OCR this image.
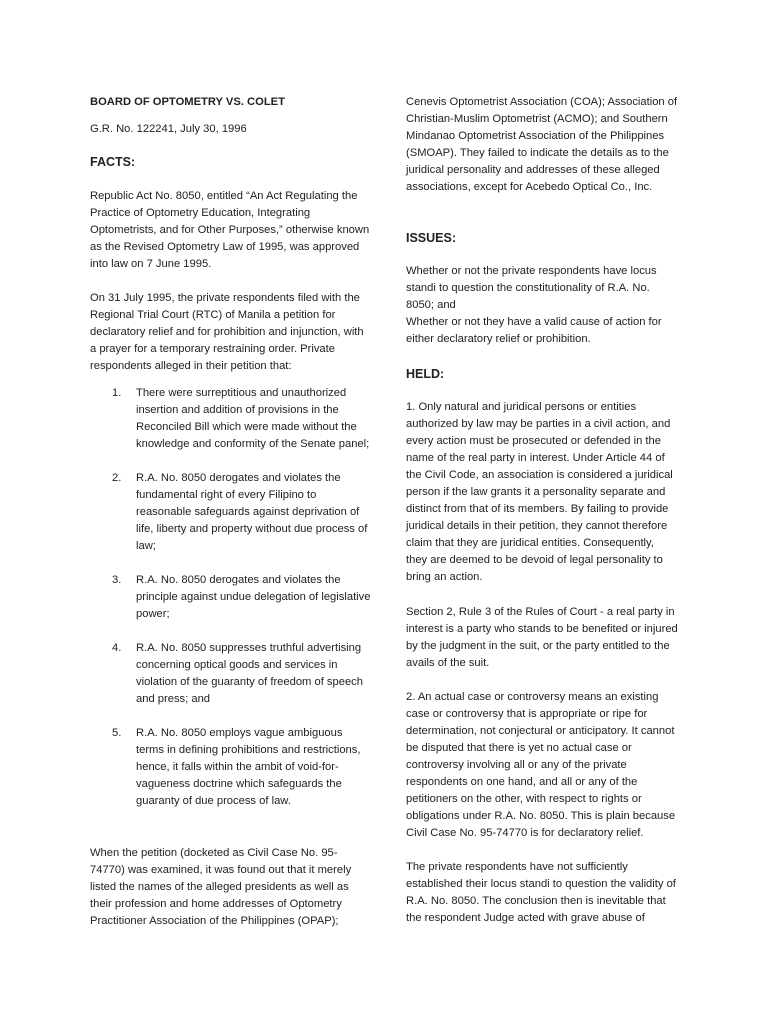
BOARD OF OPTOMETRY VS. COLET

G.R. No. 122241, July 30, 1996

FACTS:

Republic Act No. 8050, entitled “An Act Regulating the Practice of Optometry Education, Integrating Optometrists, and for Other Purposes,” otherwise known as the Revised Optometry Law of 1995, was approved into law on 7 June 1995.

On 31 July 1995, the private respondents filed with the Regional Trial Court (RTC) of Manila a petition for declaratory relief and for prohibition and injunction, with a prayer for a temporary restraining order. Private respondents alleged in their petition that:

1. There were surreptitious and unauthorized insertion and addition of provisions in the Reconciled Bill which were made without the knowledge and conformity of the Senate panel;
2. R.A. No. 8050 derogates and violates the fundamental right of every Filipino to reasonable safeguards against deprivation of life, liberty and property without due process of law;
3. R.A. No. 8050 derogates and violates the principle against undue delegation of legislative power;
4. R.A. No. 8050 suppresses truthful advertising concerning optical goods and services in violation of the guaranty of freedom of speech and press; and
5. R.A. No. 8050 employs vague ambiguous terms in defining prohibitions and restrictions, hence, it falls within the ambit of void-for-vagueness doctrine which safeguards the guaranty of due process of law.

When the petition (docketed as Civil Case No. 95-74770) was examined, it was found out that it merely listed the names of the alleged presidents as well as their profession and home addresses of Optometry Practitioner Association of the Philippines (OPAP);

Cenevis Optometrist Association (COA); Association of Christian-Muslim Optometrist (ACMO); and Southern Mindanao Optometrist Association of the Philippines (SMOAP). They failed to indicate the details as to the juridical personality and addresses of these alleged associations, except for Acebedo Optical Co., Inc.

ISSUES:

Whether or not the private respondents have locus standi to question the constitutionality of R.A. No. 8050; and

Whether or not they have a valid cause of action for either declaratory relief or prohibition.

HELD:

1. Only natural and juridical persons or entities authorized by law may be parties in a civil action, and every action must be prosecuted or defended in the name of the real party in interest. Under Article 44 of the Civil Code, an association is considered a juridical person if the law grants it a personality separate and distinct from that of its members. By failing to provide juridical details in their petition, they cannot therefore claim that they are juridical entities. Consequently, they are deemed to be devoid of legal personality to bring an action.

Section 2, Rule 3 of the Rules of Court - a real party in interest is a party who stands to be benefited or injured by the judgment in the suit, or the party entitled to the avails of the suit.

2. An actual case or controversy means an existing case or controversy that is appropriate or ripe for determination, not conjectural or anticipatory. It cannot be disputed that there is yet no actual case or controversy involving all or any of the private respondents on one hand, and all or any of the petitioners on the other, with respect to rights or obligations under R.A. No. 8050. This is plain because Civil Case No. 95-74770 is for declaratory relief.

The private respondents have not sufficiently established their locus standi to question the validity of R.A. No. 8050. The conclusion then is inevitable that the respondent Judge acted with grave abuse of
